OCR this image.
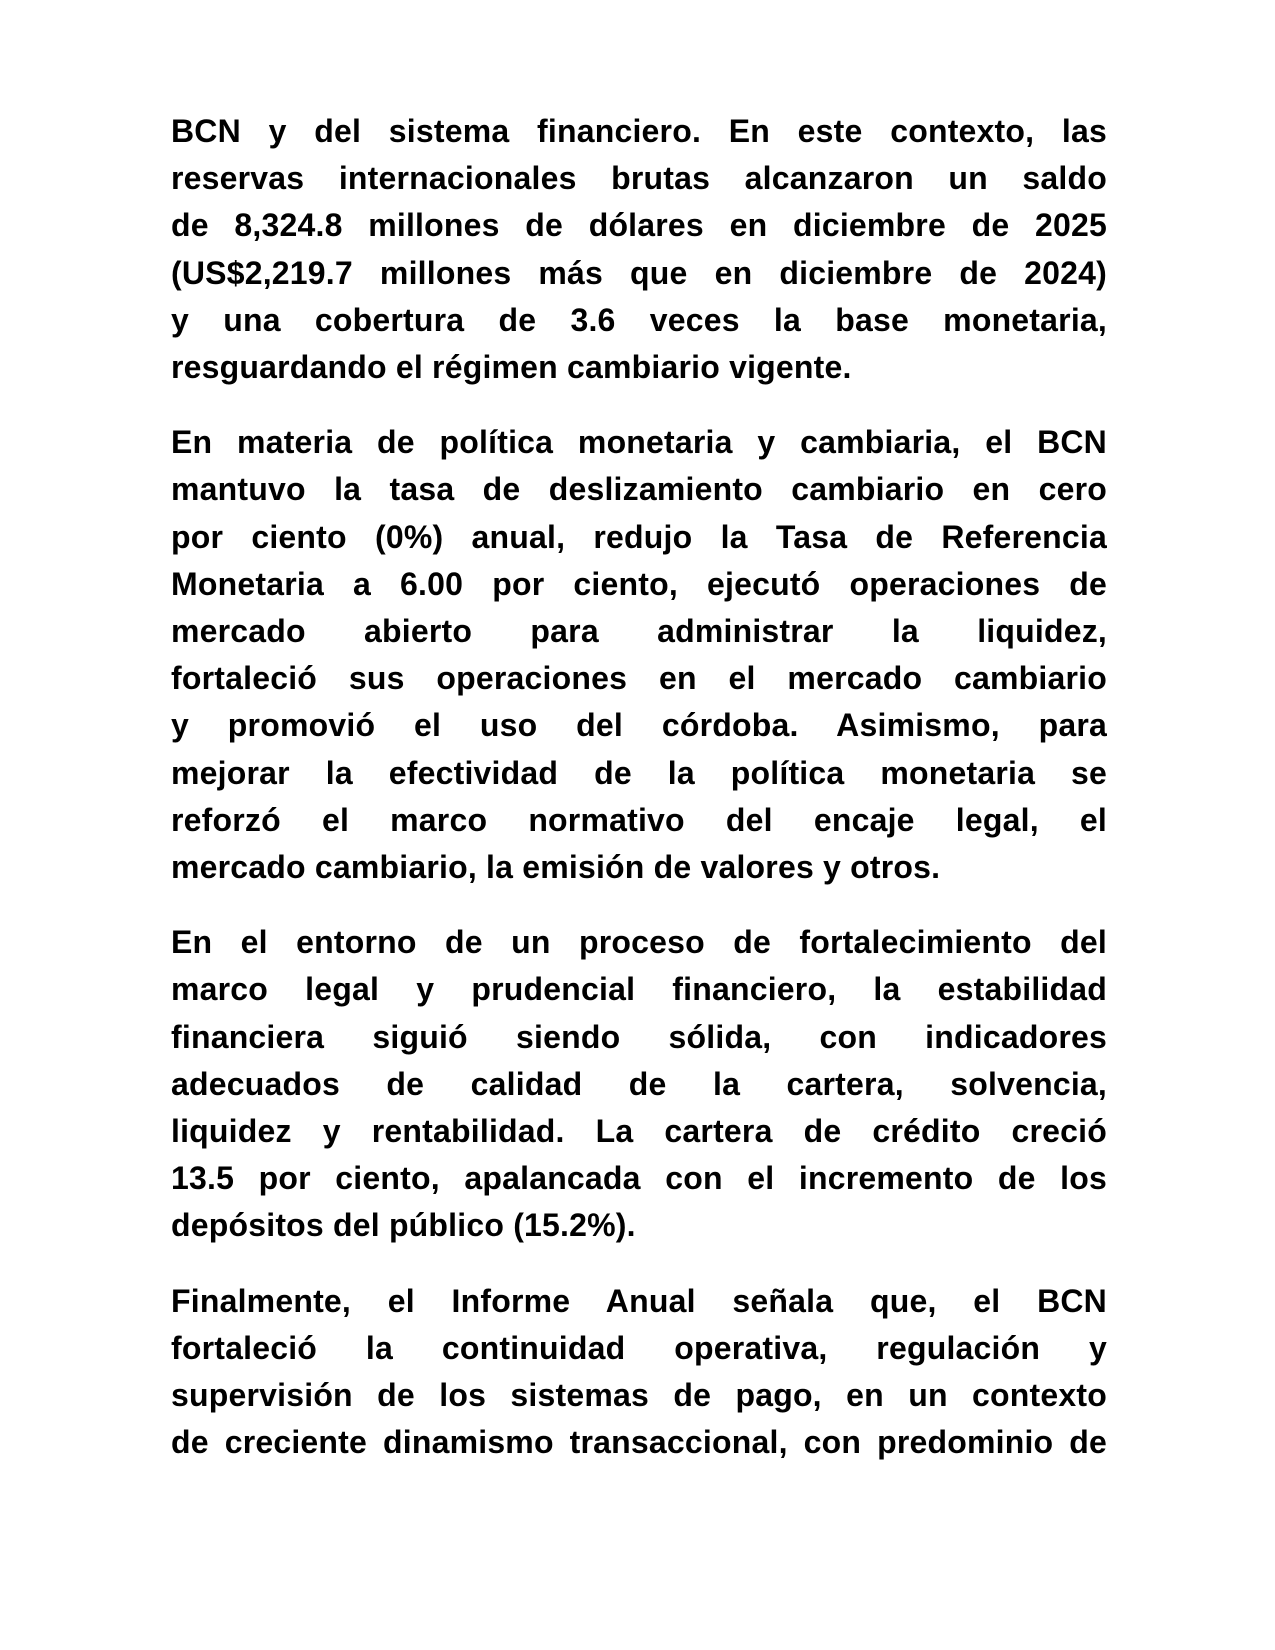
BCN y del sistema financiero. En este contexto, las
reservas internacionales brutas alcanzaron un saldo
de 8,324.8 millones de dólares en diciembre de 2025
(US$2,219.7 millones más que en diciembre de 2024)
y una cobertura de 3.6 veces la base monetaria,
resguardando el régimen cambiario vigente.

En materia de política monetaria y cambiaria, el BCN
mantuvo la tasa de deslizamiento cambiario en cero
por ciento (0%) anual, redujo la Tasa de Referencia
Monetaria a 6.00 por ciento, ejecutó operaciones de
mercado abierto para administrar la liquidez,
fortaleció sus operaciones en el mercado cambiario
y promovió el uso del córdoba. Asimismo, para
mejorar la efectividad de la política monetaria se
reforzó el marco normativo del encaje legal, el
mercado cambiario, la emisión de valores y otros.

En el entorno de un proceso de fortalecimiento del
marco legal y prudencial financiero, la estabilidad
financiera siguió siendo sólida, con indicadores
adecuados de calidad de la cartera, solvencia,
liquidez y rentabilidad. La cartera de crédito creció
13.5 por ciento, apalancada con el incremento de los
depósitos del público (15.2%).

Finalmente, el Informe Anual señala que, el BCN
fortaleció la continuidad operativa, regulación y
supervisión de los sistemas de pago, en un contexto
de creciente dinamismo transaccional, con predominio de
